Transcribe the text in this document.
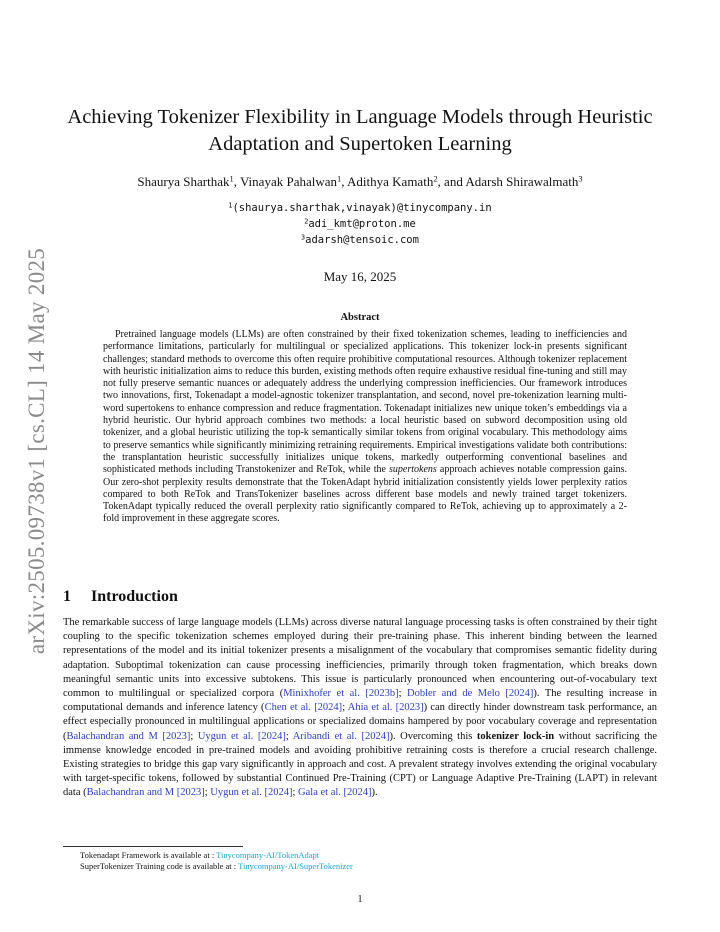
arXiv:2505.09738v1 [cs.CL] 14 May 2025
Achieving Tokenizer Flexibility in Language Models through Heuristic
Adaptation and Supertoken Learning
Shaurya Sharthak$^1$, Vinayak Pahalwan$^1$, Adithya Kamath$^2$, and Adarsh Shirawalmath$^3$
$^1$(shaurya.sharthak,vinayak)@tinycompany.in
$^2$adi_kmt@proton.me
$^3$adarsh@tensoic.com
May 16, 2025
Abstract

Pretrained language models (LLMs) are often constrained by their fixed tokenization schemes, leading to inefficiencies and performance limitations, particularly for multilingual or specialized applications. This tokenizer lock-in presents significant challenges; standard methods to overcome this often require prohibitive computational resources. Although tokenizer replacement with heuristic initialization aims to reduce this burden, existing methods often require exhaustive residual fine-tuning and still may not fully preserve semantic nuances or adequately address the underlying compression inefficiencies. Our framework introduces two innovations, first, Tokenadapt a model-agnostic tokenizer transplantation, and second, novel pre-tokenization learning multi-word supertokens to enhance compression and reduce fragmentation. Tokenadapt initializes new unique token’s embeddings via a hybrid heuristic. Our hybrid approach combines two methods: a local heuristic based on subword decomposition using old tokenizer, and a global heuristic utilizing the top-k semantically similar tokens from original vocabulary. This methodology aims to preserve semantics while significantly minimizing retraining requirements. Empirical investigations validate both contributions: the transplantation heuristic successfully initializes unique tokens, markedly outperforming conventional baselines and sophisticated methods including Transtokenizer and ReTok, while the supertokens approach achieves notable compression gains. Our zero-shot perplexity results demonstrate that the TokenAdapt hybrid initialization consistently yields lower perplexity ratios compared to both ReTok and TransTokenizer baselines across different base models and newly trained target tokenizers. TokenAdapt typically reduced the overall perplexity ratio significantly compared to ReTok, achieving up to approximately a 2-fold improvement in these aggregate scores.

1 Introduction

The remarkable success of large language models (LLMs) across diverse natural language processing tasks is often constrained by their tight coupling to the specific tokenization schemes employed during their pre-training phase. This inherent binding between the learned representations of the model and its initial tokenizer presents a misalignment of the vocabulary that compromises semantic fidelity during adaptation. Suboptimal tokenization can cause processing inefficiencies, primarily through token fragmentation, which breaks down meaningful semantic units into excessive subtokens. This issue is particularly pronounced when encountering out-of-vocabulary text common to multilingual or specialized corpora (Minixhofer et al. [2023b]; Dobler and de Melo [2024]). The resulting increase in computational demands and inference latency (Chen et al. [2024]; Ahia et al. [2023]) can directly hinder downstream task performance, an effect especially pronounced in multilingual applications or specialized domains hampered by poor vocabulary coverage and representation (Balachandran and M [2023]; Uygun et al. [2024]; Aribandi et al. [2024]). Overcoming this tokenizer lock-in without sacrificing the immense knowledge encoded in pre-trained models and avoiding prohibitive retraining costs is therefore a crucial research challenge. Existing strategies to bridge this gap vary significantly in approach and cost. A prevalent strategy involves extending the original vocabulary with target-specific tokens, followed by substantial Continued Pre-Training (CPT) or Language Adaptive Pre-Training (LAPT) in relevant data (Balachandran and M [2023]; Uygun et al. [2024]; Gala et al. [2024]).

Tokenadapt Framework is available at : Tinycompany-AI/TokenAdapt
SuperTokenizer Training code is available at : Tinycompany-AI/SuperTokenizer
1
